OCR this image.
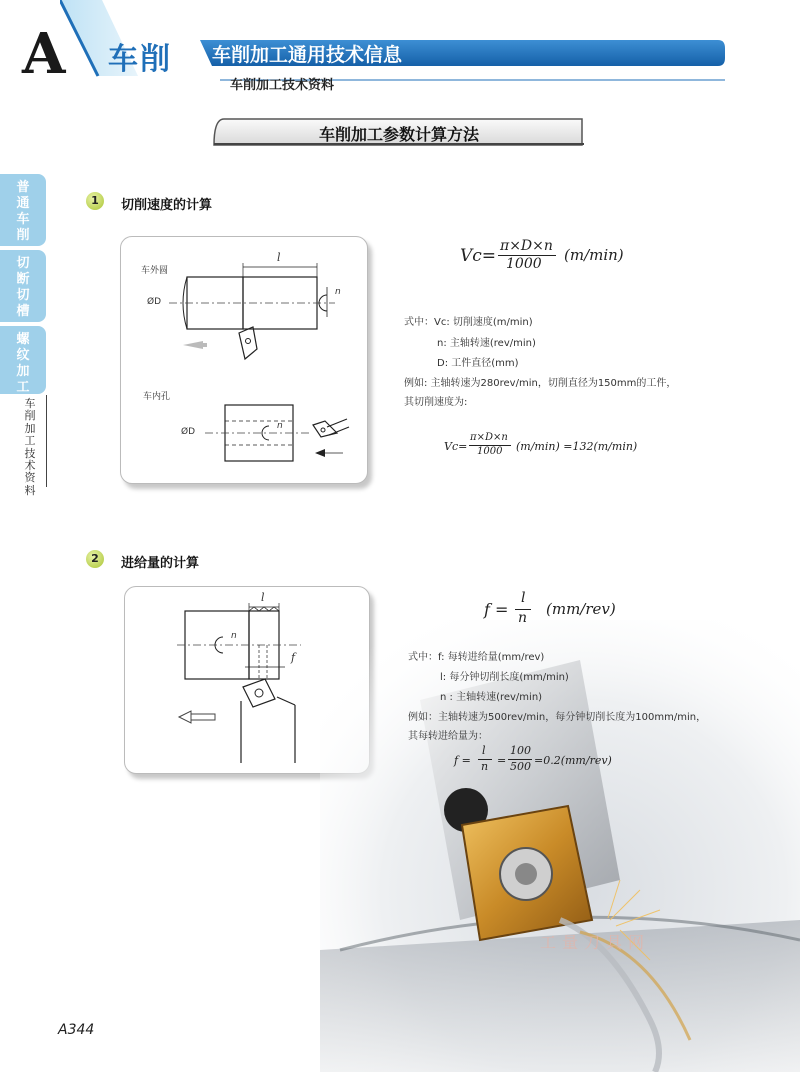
A 车削 车削加工通用技术信息
车削加工技术资料
车削加工参数计算方法
普通车削
切断切槽
螺纹加工
车削加工技术资料
1	切削速度的计算
车外圆
车内孔
l
ØD
n
ØD
n
Vc= π×D×n
1000 (m/min)
式中：Vc: 切削速度(m/min)
n: 主轴转速(rev/min)
D: 工件直径(mm)
例如: 主轴转速为280rev/min，切削直径为150mm的工件，
其切削速度为:
Vc=
π×D×n
1000 (m/min) =132(m/min)
2	进给量的计算
l
n
f
工量刀具网
f =
l
n (mm/rev)
式中：f: 每转进给量(mm/rev)
l: 每分钟切削长度(mm/min)
n : 主轴转速(rev/min)
例如：主轴转速为500rev/min，每分钟切削长度为100mm/min，
其每转进给量为：
f =
l
n =
100
500 =0.2(mm/rev)
A344
